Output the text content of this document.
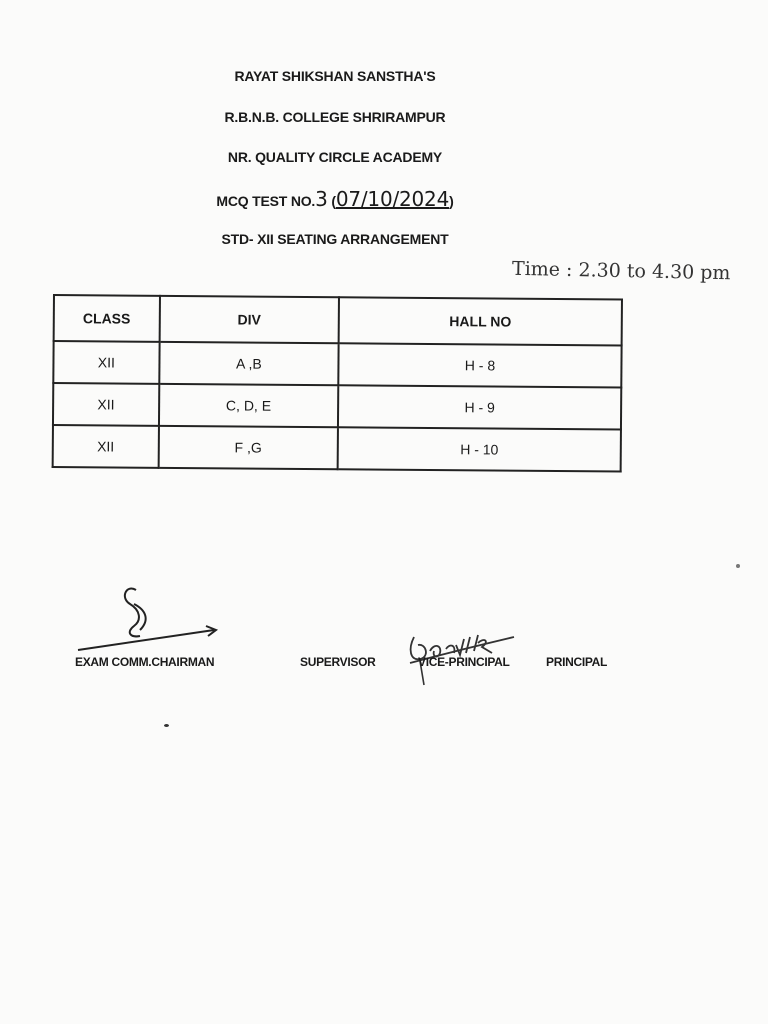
RAYAT SHIKSHAN SANSTHA'S
R.B.N.B. COLLEGE SHRIRAMPUR
NR. QUALITY CIRCLE ACADEMY
MCQ TEST NO.3 (07/10/2024)
STD- XII SEATING ARRANGEMENT
Time : 2.30 to 4.30 pm
CLASS	DIV	HALL NO
XII	A ,B	H - 8
XII	C, D, E	H - 9
XII	F ,G	H - 10
EXAM COMM.CHAIRMAN	SUPERVISOR	VICE-PRINCIPAL	PRINCIPAL
